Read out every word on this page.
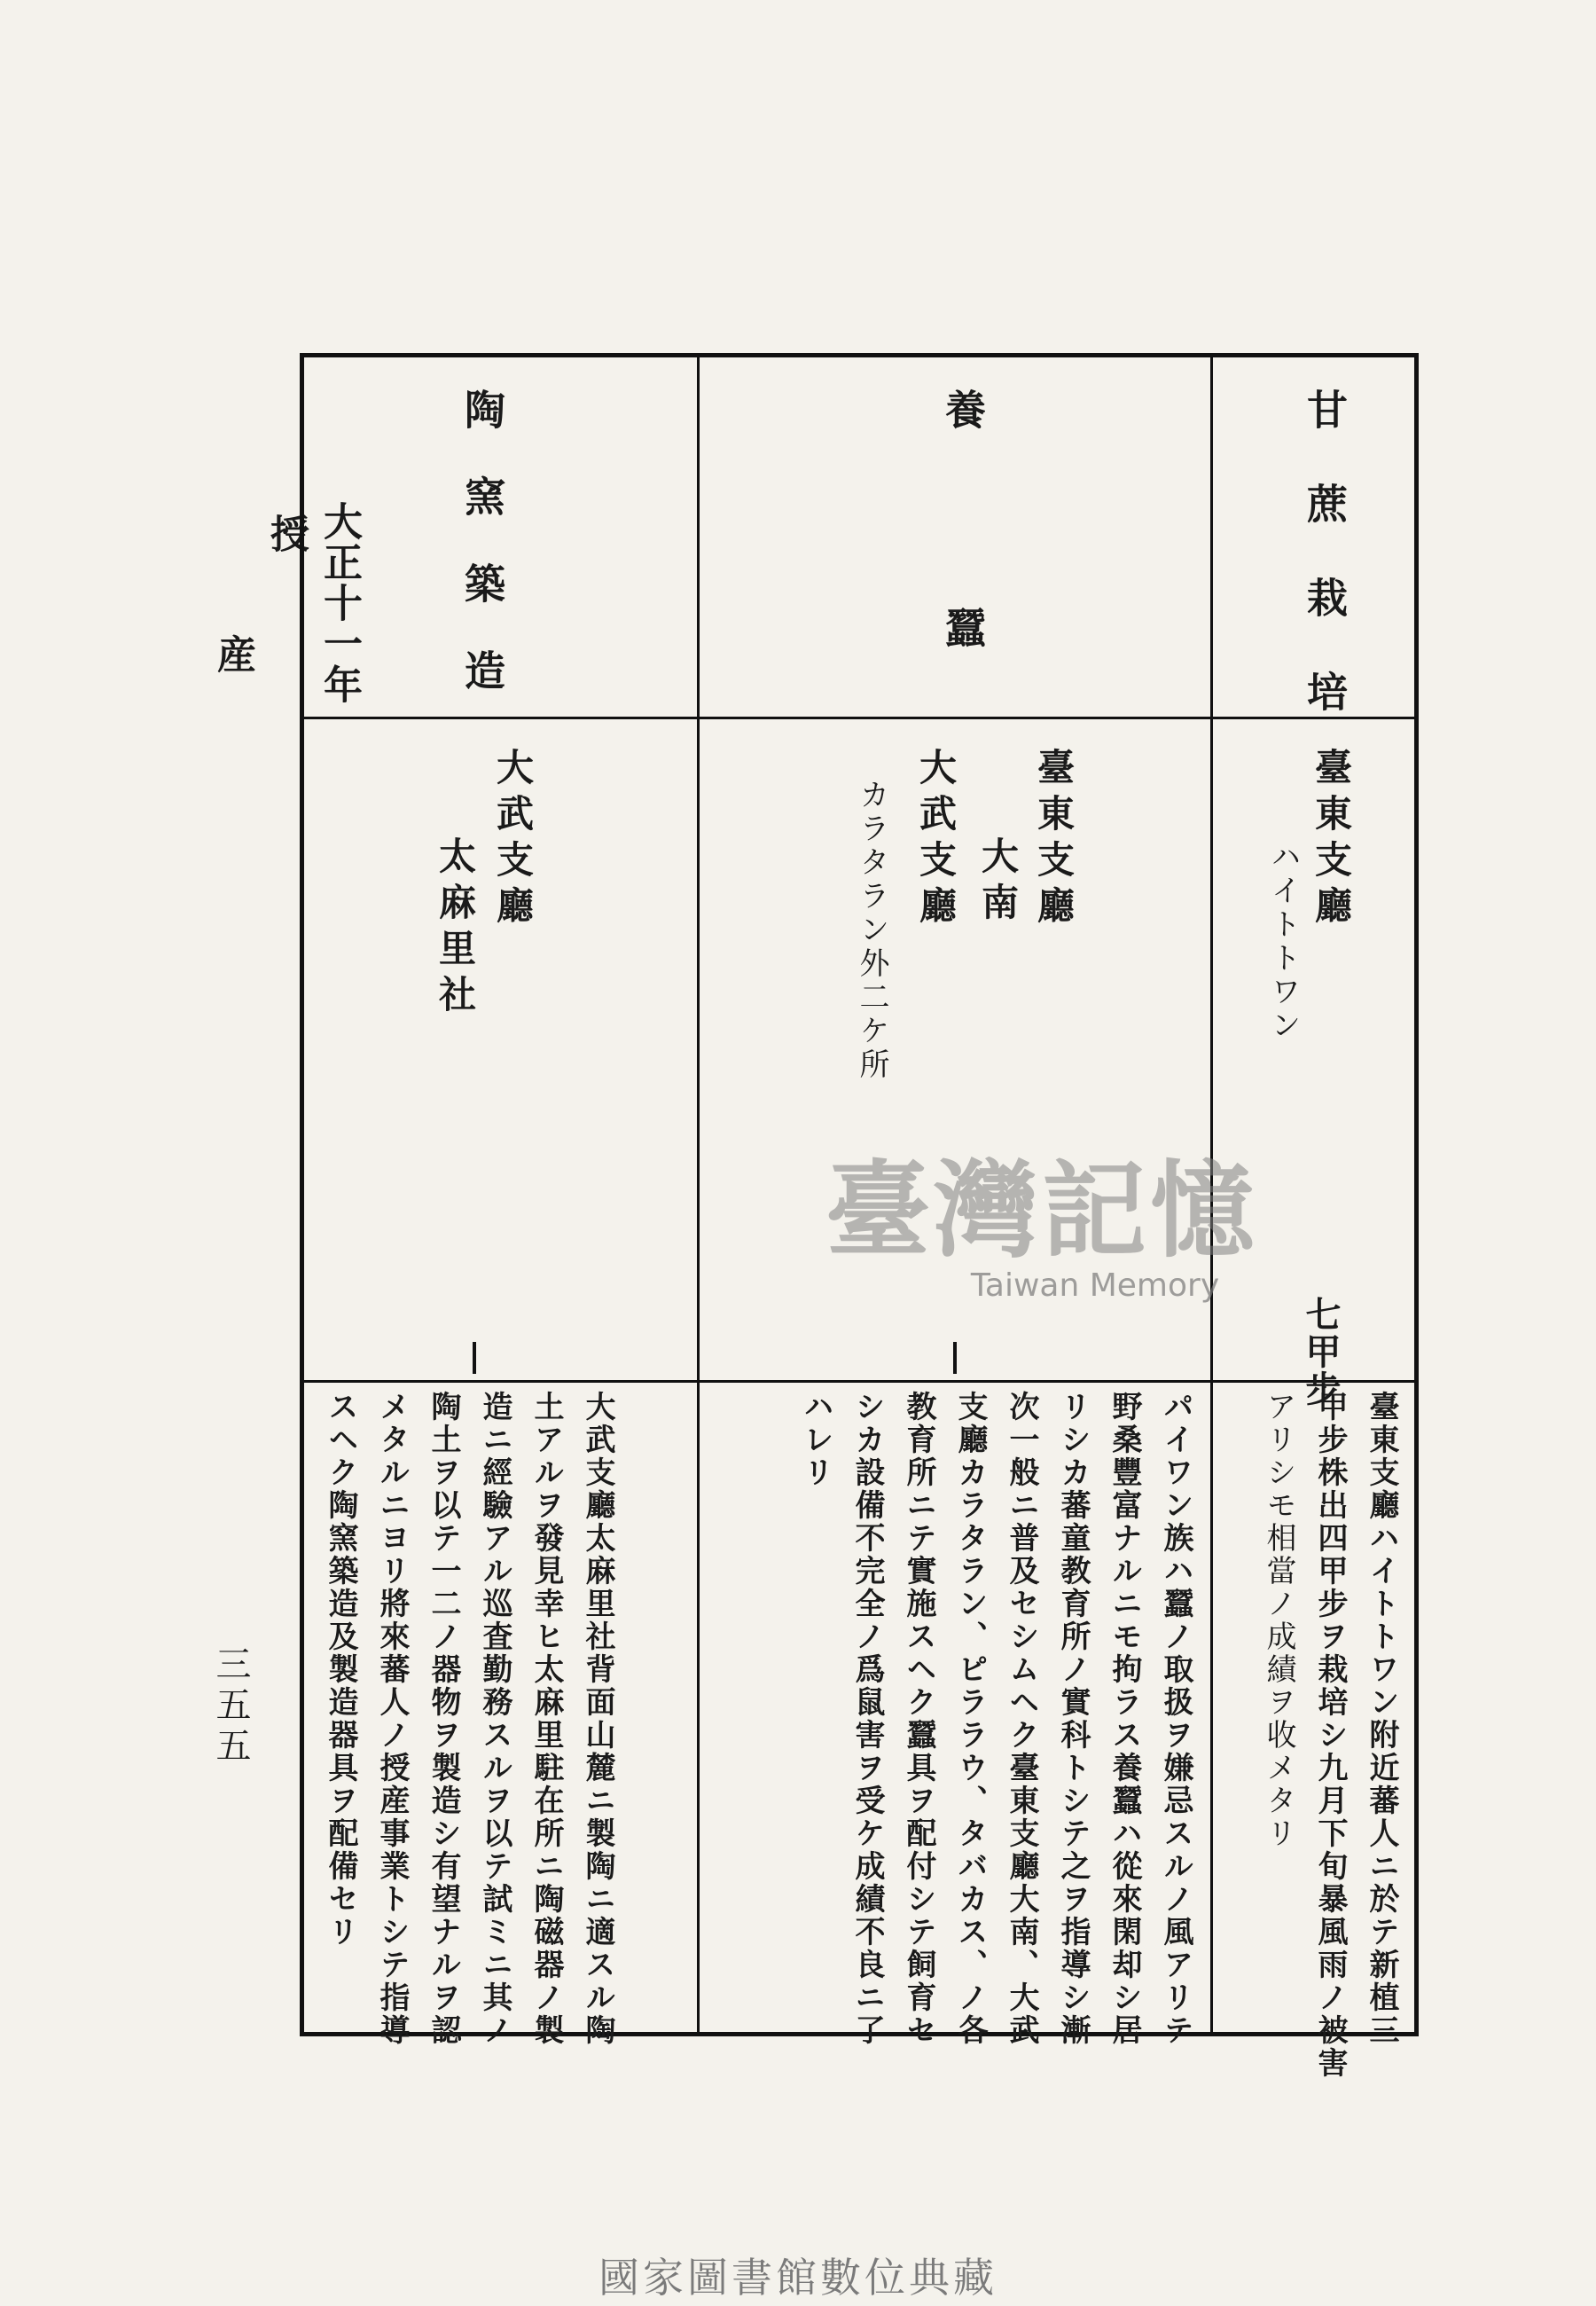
大正十一年
授
産
三五五
甘蔗栽培
臺東支廳
ハイトトワン
七甲步
臺東支廳ハイトトワン附近蕃人ニ於テ新植三
甲步株出四甲步ヲ栽培シ九月下旬暴風雨ノ被害
アリシモ相當ノ成績ヲ收メタリ
養蠶
臺東支廳
大南
大武支廳
カラタラン外二ケ所
パイワン族ハ蠶ノ取扱ヲ嫌忌スルノ風アリテ
野桑豐富ナルニモ拘ラス養蠶ハ從來閑却シ居
リシカ蕃童教育所ノ實科トシテ之ヲ指導シ漸
次一般ニ普及セシムヘク臺東支廳大南、大武
支廳カラタラン、ピララウ、タバカス、ノ各
教育所ニテ實施スヘク蠶具ヲ配付シテ飼育セ
シカ設備不完全ノ爲鼠害ヲ受ケ成績不良ニ了
ハレリ
陶窯築造
大武支廳
太麻里社
大武支廳太麻里社背面山麓ニ製陶ニ適スル陶
土アルヲ發見幸ヒ太麻里駐在所ニ陶磁器ノ製
造ニ經驗アル巡査勤務スルヲ以テ試ミニ其ノ
陶土ヲ以テ一二ノ器物ヲ製造シ有望ナルヲ認
メタルニヨリ將來蕃人ノ授産事業トシテ指導
スヘク陶窯築造及製造器具ヲ配備セリ
臺灣記憶
Taiwan Memory
國家圖書館數位典藏
